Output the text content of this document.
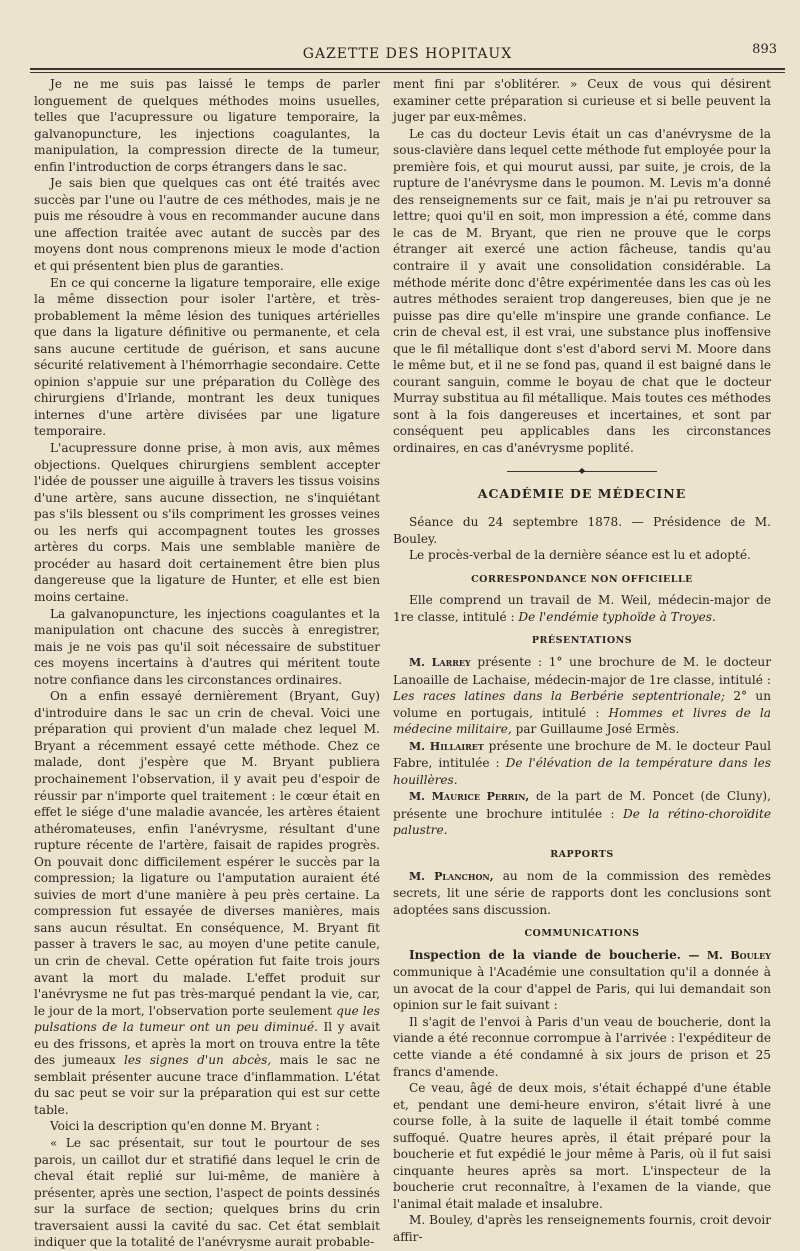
GAZETTE DES HOPITAUX	893

Je ne me suis pas laissé le temps de parler longuement de quelques méthodes moins usuelles, telles que l'acupressure ou ligature temporaire, la galvanopuncture, les injections coagulantes, la manipulation, la compression directe de la tumeur, enfin l'introduction de corps étrangers dans le sac.

Je sais bien que quelques cas ont été traités avec succès par l'une ou l'autre de ces méthodes, mais je ne puis me résoudre à vous en recommander aucune dans une affection traitée avec autant de succès par des moyens dont nous comprenons mieux le mode d'action et qui présentent bien plus de garanties.

En ce qui concerne la ligature temporaire, elle exige la même dissection pour isoler l'artère, et très-probablement la même lésion des tuniques artérielles que dans la ligature définitive ou permanente, et cela sans aucune certitude de guérison, et sans aucune sécurité relativement à l'hémorrhagie secondaire. Cette opinion s'appuie sur une préparation du Collège des chirurgiens d'Irlande, montrant les deux tuniques internes d'une artère divisées par une ligature temporaire.

L'acupressure donne prise, à mon avis, aux mêmes objections. Quelques chirurgiens semblent accepter l'idée de pousser une aiguille à travers les tissus voisins d'une artère, sans aucune dissection, ne s'inquiétant pas s'ils blessent ou s'ils compriment les grosses veines ou les nerfs qui accompagnent toutes les grosses artères du corps. Mais une semblable manière de procéder au hasard doit certainement être bien plus dangereuse que la ligature de Hunter, et elle est bien moins certaine.

La galvanopuncture, les injections coagulantes et la manipulation ont chacune des succès à enregistrer, mais je ne vois pas qu'il soit nécessaire de substituer ces moyens incertains à d'autres qui méritent toute notre confiance dans les circonstances ordinaires.

On a enfin essayé dernièrement (Bryant, Guy) d'introduire dans le sac un crin de cheval. Voici une préparation qui provient d'un malade chez lequel M. Bryant a récemment essayé cette méthode. Chez ce malade, dont j'espère que M. Bryant publiera prochainement l'observation, il y avait peu d'espoir de réussir par n'importe quel traitement : le cœur était en effet le siége d'une maladie avancée, les artères étaient athéromateuses, enfin l'anévrysme, résultant d'une rupture récente de l'artère, faisait de rapides progrès. On pouvait donc difficilement espérer le succès par la compression; la ligature ou l'amputation auraient été suivies de mort d'une manière à peu près certaine. La compression fut essayée de diverses manières, mais sans aucun résultat. En conséquence, M. Bryant fit passer à travers le sac, au moyen d'une petite canule, un crin de cheval. Cette opération fut faite trois jours avant la mort du malade. L'effet produit sur l'anévrysme ne fut pas très-marqué pendant la vie, car, le jour de la mort, l'observation porte seulement que les pulsations de la tumeur ont un peu diminué. Il y avait eu des frissons, et après la mort on trouva entre la tête des jumeaux les signes d'un abcès, mais le sac ne semblait présenter aucune trace d'inflammation. L'état du sac peut se voir sur la préparation qui est sur cette table.

Voici la description qu'en donne M. Bryant :

« Le sac présentait, sur tout le pourtour de ses parois, un caillot dur et stratifié dans lequel le crin de cheval était replié sur lui-même, de manière à présenter, après une section, l'aspect de points dessinés sur la surface de section; quelques brins du crin traversaient aussi la cavité du sac. Cet état semblait indiquer que la totalité de l'anévrysme aurait probable-

ment fini par s'oblitérer. » Ceux de vous qui désirent examiner cette préparation si curieuse et si belle peuvent la juger par eux-mêmes.

Le cas du docteur Levis était un cas d'anévrysme de la sous-clavière dans lequel cette méthode fut employée pour la première fois, et qui mourut aussi, par suite, je crois, de la rupture de l'anévrysme dans le poumon. M. Levis m'a donné des renseignements sur ce fait, mais je n'ai pu retrouver sa lettre; quoi qu'il en soit, mon impression a été, comme dans le cas de M. Bryant, que rien ne prouve que le corps étranger ait exercé une action fâcheuse, tandis qu'au contraire il y avait une consolidation considérable. La méthode mérite donc d'être expérimentée dans les cas où les autres méthodes seraient trop dangereuses, bien que je ne puisse pas dire qu'elle m'inspire une grande confiance. Le crin de cheval est, il est vrai, une substance plus inoffensive que le fil métallique dont s'est d'abord servi M. Moore dans le même but, et il ne se fond pas, quand il est baigné dans le courant sanguin, comme le boyau de chat que le docteur Murray substitua au fil métallique. Mais toutes ces méthodes sont à la fois dangereuses et incertaines, et sont par conséquent peu applicables dans les circonstances ordinaires, en cas d'anévrysme poplité.

◆
ACADÉMIE DE MÉDECINE

Séance du 24 septembre 1878. — Présidence de M. Bouley.

Le procès-verbal de la dernière séance est lu et adopté.

CORRESPONDANCE NON OFFICIELLE

Elle comprend un travail de M. Weil, médecin-major de 1re classe, intitulé : De l'endémie typhoïde à Troyes.

PRÉSENTATIONS

M. Larrey présente : 1° une brochure de M. le docteur Lanoaille de Lachaise, médecin-major de 1re classe, intitulé : Les races latines dans la Berbérie septentrionale; 2° un volume en portugais, intitulé : Hommes et livres de la médecine militaire, par Guillaume José Ermès.

M. Hillairet présente une brochure de M. le docteur Paul Fabre, intitulée : De l'élévation de la température dans les houillères.

M. Maurice Perrin, de la part de M. Poncet (de Cluny), présente une brochure intitulée : De la rétino-choroïdite palustre.

RAPPORTS

M. Planchon, au nom de la commission des remèdes secrets, lit une série de rapports dont les conclusions sont adoptées sans discussion.

COMMUNICATIONS

Inspection de la viande de boucherie. — M. Bouley communique à l'Académie une consultation qu'il a donnée à un avocat de la cour d'appel de Paris, qui lui demandait son opinion sur le fait suivant :

Il s'agit de l'envoi à Paris d'un veau de boucherie, dont la viande a été reconnue corrompue à l'arrivée : l'expéditeur de cette viande a été condamné à six jours de prison et 25 francs d'amende.

Ce veau, âgé de deux mois, s'était échappé d'une étable et, pendant une demi-heure environ, s'était livré à une course folle, à la suite de laquelle il était tombé comme suffoqué. Quatre heures après, il était préparé pour la boucherie et fut expédié le jour même à Paris, où il fut saisi cinquante heures après sa mort. L'inspecteur de la boucherie crut reconnaître, à l'examen de la viande, que l'animal était malade et insalubre.

M. Bouley, d'après les renseignements fournis, croit devoir affir-
